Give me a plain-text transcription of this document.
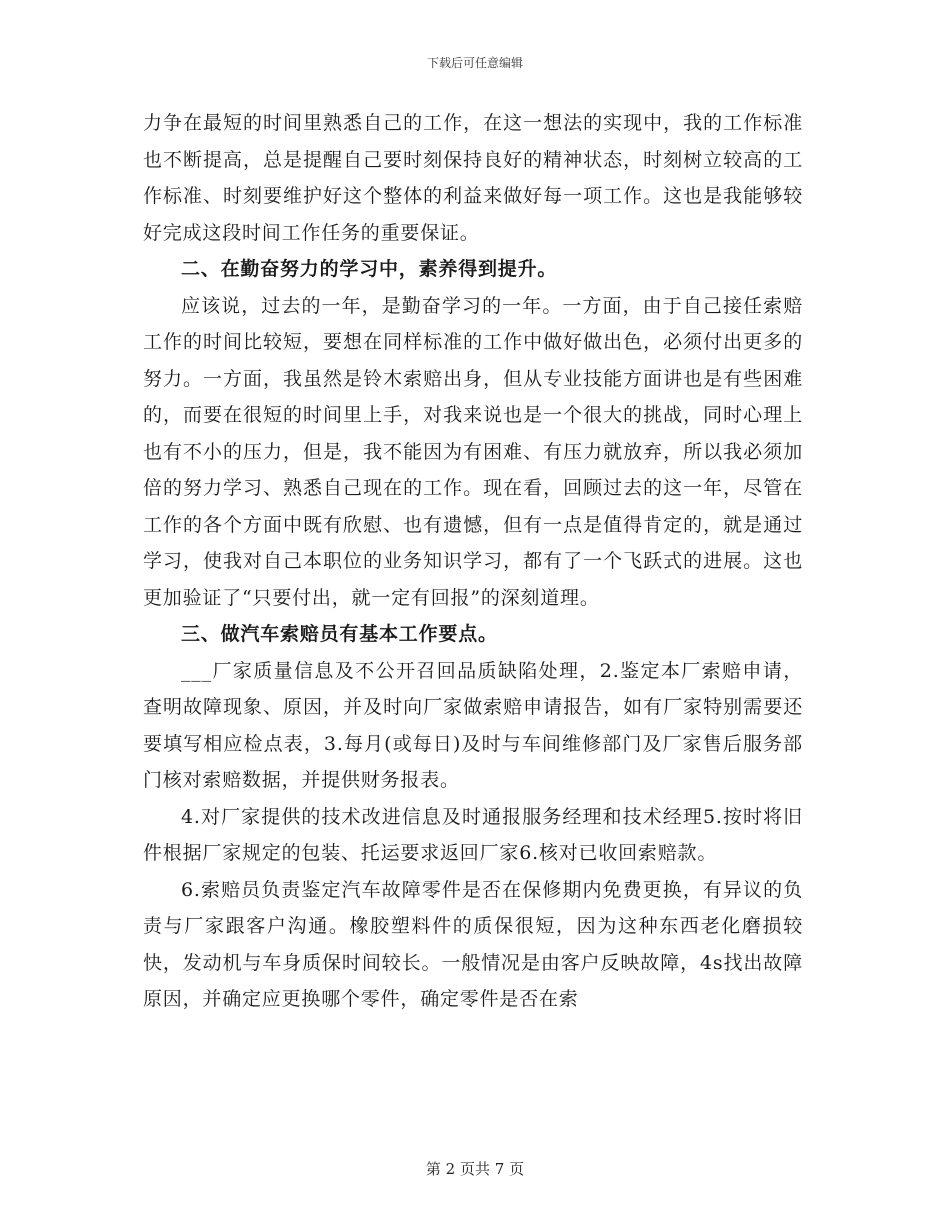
下载后可任意编辑

力争在最短的时间里熟悉自己的工作，在这一想法的实现中，我的工作标准也不断提高，总是提醒自己要时刻保持良好的精神状态，时刻树立较高的工作标准、时刻要维护好这个整体的利益来做好每一项工作。这也是我能够较好完成这段时间工作任务的重要保证。

二、在勤奋努力的学习中，素养得到提升。

应该说，过去的一年，是勤奋学习的一年。一方面，由于自己接任索赔工作的时间比较短，要想在同样标准的工作中做好做出色，必须付出更多的努力。一方面，我虽然是铃木索赔出身，但从专业技能方面讲也是有些困难的，而要在很短的时间里上手，对我来说也是一个很大的挑战，同时心理上也有不小的压力，但是，我不能因为有困难、有压力就放弃，所以我必须加倍的努力学习、熟悉自己现在的工作。现在看，回顾过去的这一年，尽管在工作的各个方面中既有欣慰、也有遗憾，但有一点是值得肯定的，就是通过学习，使我对自己本职位的业务知识学习，都有了一个飞跃式的进展。这也更加验证了“只要付出，就一定有回报”的深刻道理。

三、做汽车索赔员有基本工作要点。

___厂家质量信息及不公开召回品质缺陷处理，2.鉴定本厂索赔申请，查明故障现象、原因，并及时向厂家做索赔申请报告，如有厂家特别需要还要填写相应检点表，3.每月(或每日)及时与车间维修部门及厂家售后服务部门核对索赔数据，并提供财务报表。

4.对厂家提供的技术改进信息及时通报服务经理和技术经理5.按时将旧件根据厂家规定的包装、托运要求返回厂家6.核对已收回索赔款。

6.索赔员负责鉴定汽车故障零件是否在保修期内免费更换，有异议的负责与厂家跟客户沟通。橡胶塑料件的质保很短，因为这种东西老化磨损较快，发动机与车身质保时间较长。一般情况是由客户反映故障，4s找出故障原因，并确定应更换哪个零件，确定零件是否在索

第 2 页共 7 页
